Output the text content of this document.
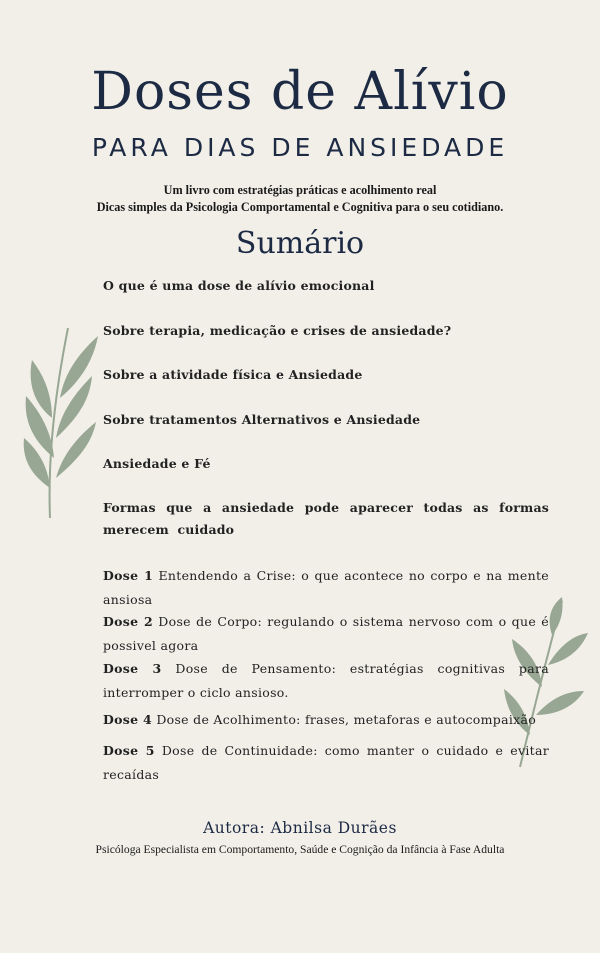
Doses de Alívio
PARA DIAS DE ANSIEDADE
Um livro com estratégias práticas e acolhimento real
Dicas simples da Psicologia Comportamental e Cognitiva para o seu cotidiano.
Sumário
O que é uma dose de alívio emocional
Sobre terapia, medicação e crises de ansiedade?
Sobre a atividade física e Ansiedade
Sobre tratamentos Alternativos e Ansiedade
Ansiedade e Fé
Formas que a ansiedade pode aparecer todas as formas merecem cuidado
Dose 1 Entendendo a Crise: o que acontece no corpo e na mente ansiosa
Dose 2 Dose de Corpo: regulando o sistema nervoso com o que é possivel agora
Dose 3 Dose de Pensamento: estratégias cognitivas para interromper o ciclo ansioso.
Dose 4 Dose de Acolhimento: frases, metaforas e autocompaixão
Dose 5 Dose de Continuidade: como manter o cuidado e evitar recaídas
Autora: Abnilsa Durães
Psicóloga Especialista em Comportamento, Saúde e Cognição da Infância à Fase Adulta
